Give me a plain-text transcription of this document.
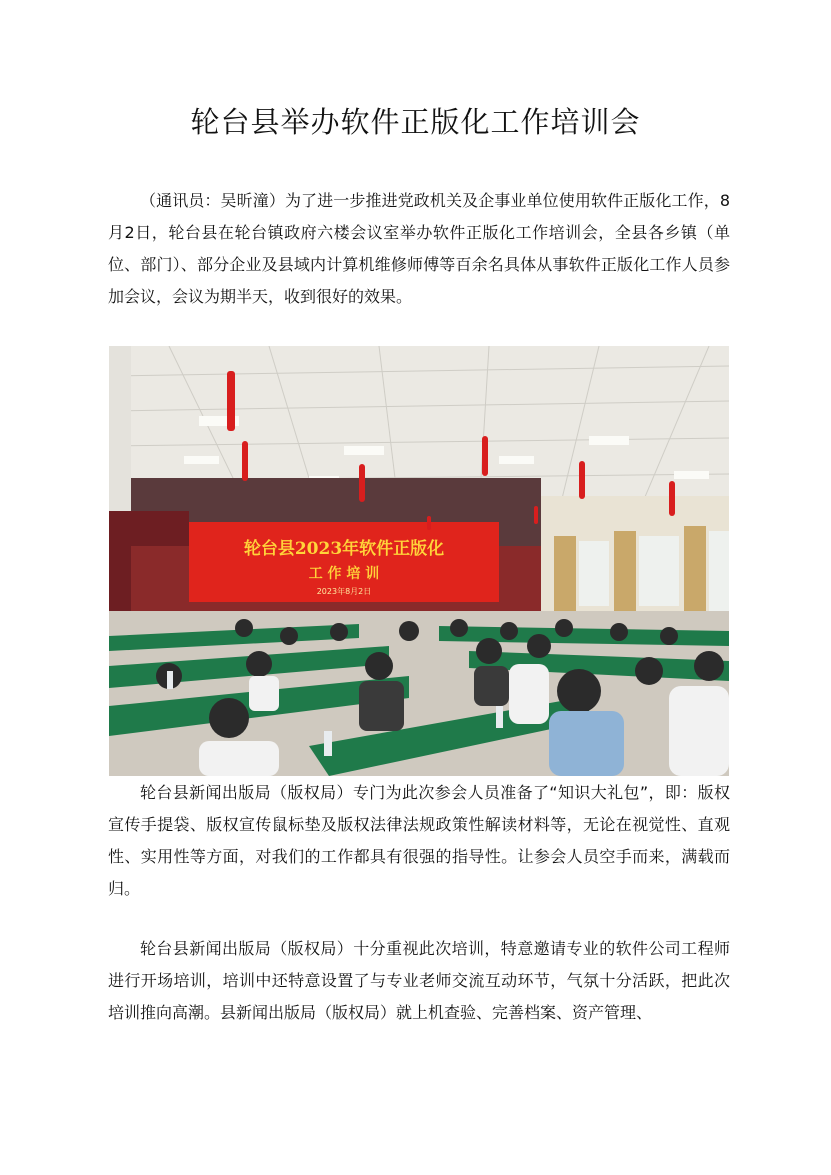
轮台县举办软件正版化工作培训会

（通讯员：吴昕潼）为了进一步推进党政机关及企事业单位使用软件正版化工作，8月2日，轮台县在轮台镇政府六楼会议室举办软件正版化工作培训会，全县各乡镇（单位、部门）、部分企业及县域内计算机维修师傅等百余名具体从事软件正版化工作人员参加会议，会议为期半天，收到很好的效果。

轮台县2023年软件正版化
工 作 培 训
2023年8月2日

轮台县新闻出版局（版权局）专门为此次参会人员准备了“知识大礼包”，即：版权宣传手提袋、版权宣传鼠标垫及版权法律法规政策性解读材料等，无论在视觉性、直观性、实用性等方面，对我们的工作都具有很强的指导性。让参会人员空手而来，满载而归。

轮台县新闻出版局（版权局）十分重视此次培训，特意邀请专业的软件公司工程师进行开场培训，培训中还特意设置了与专业老师交流互动环节，气氛十分活跃，把此次培训推向高潮。县新闻出版局（版权局）就上机查验、完善档案、资产管理、
